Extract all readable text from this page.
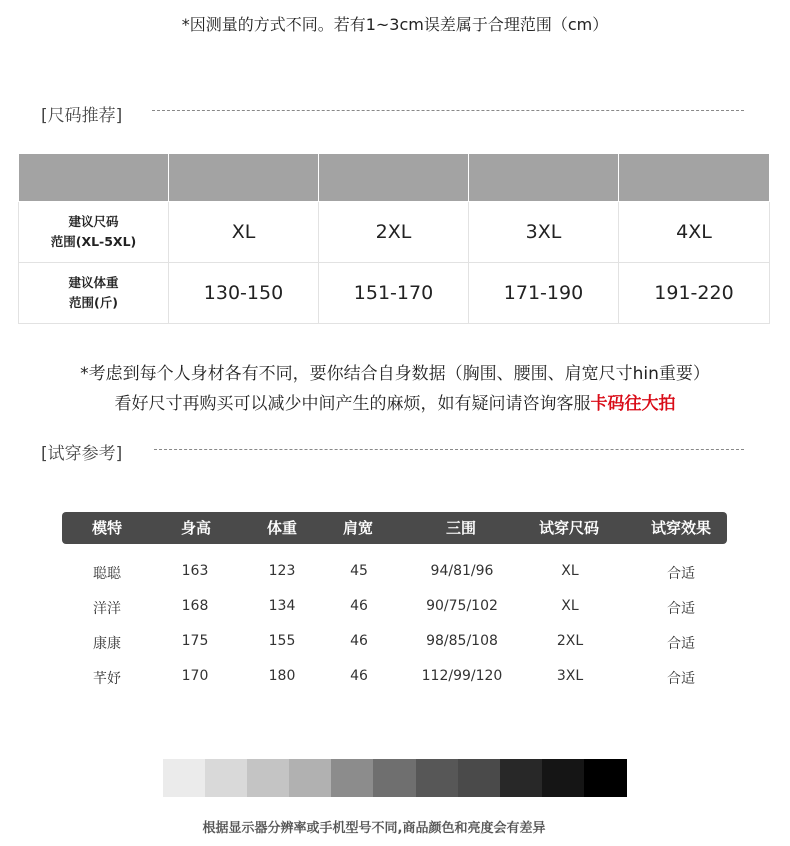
*因测量的方式不同。若有1~3cm误差属于合理范围（cm）
[尺码推荐]

建议尺码
范围(XL-5XL)	XL	2XL	3XL	4XL

建议体重
范围(斤)	130-150	151-170	171-190	191-220
*考虑到每个人身材各有不同，要你结合自身数据（胸围、腰围、肩宽尺寸hin重要）
看好尺寸再购买可以减少中间产生的麻烦，如有疑问请咨询客服卡码往大拍
[试穿参考]
模特	身高	体重	肩宽	三围	试穿尺码	试穿效果
聪聪	163	123	45	94/81/96	XL	合适
洋洋	168	134	46	90/75/102	XL	合适
康康	175	155	46	98/85/108	2XL	合适
芊妤	170	180	46	112/99/120	3XL	合适
根据显示器分辨率或手机型号不同,商品颜色和亮度会有差异
